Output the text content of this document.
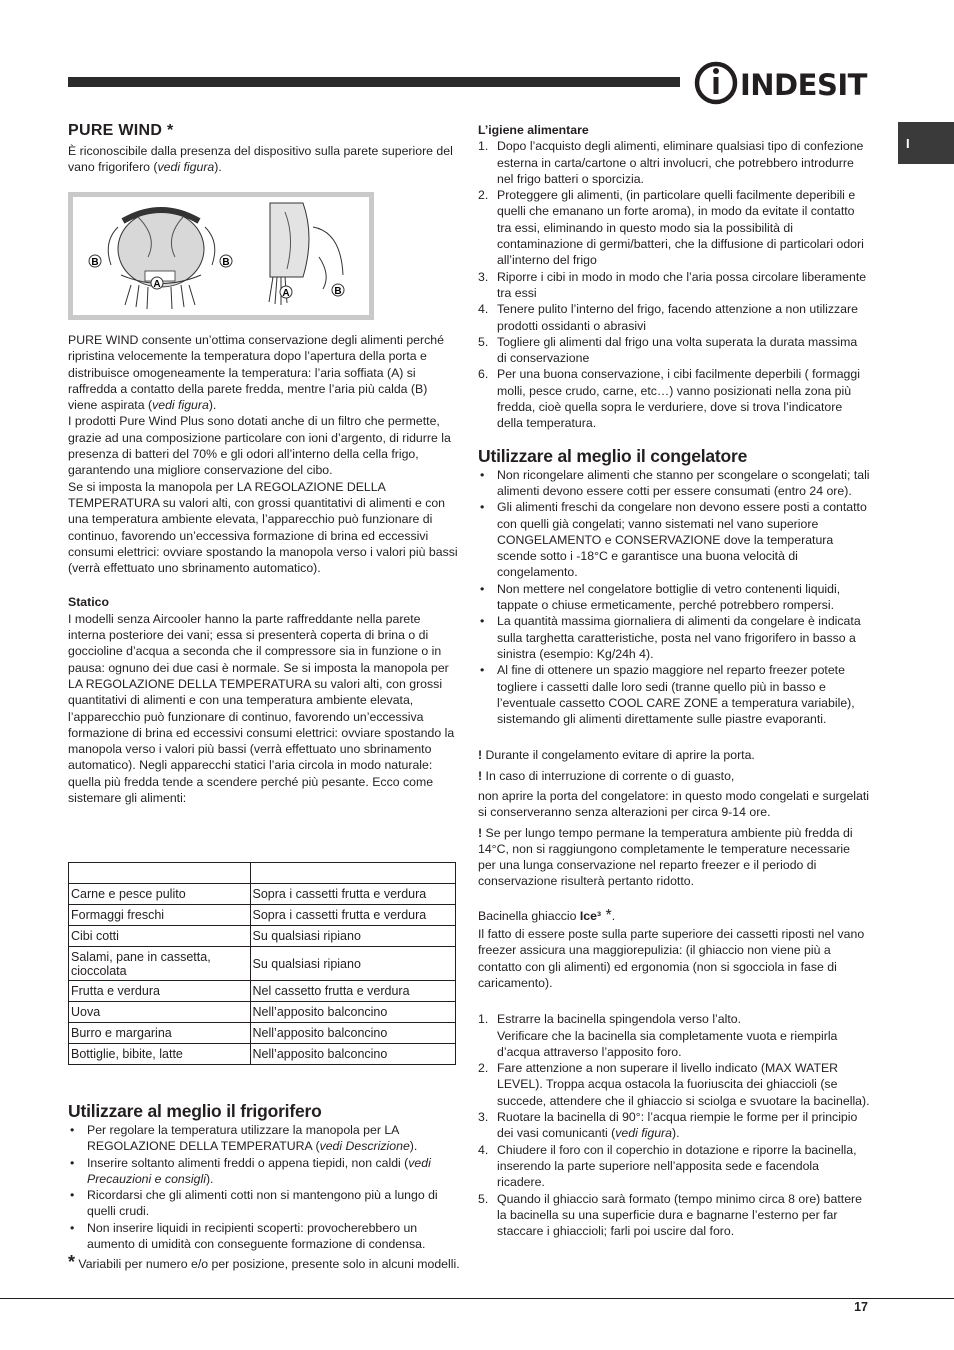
INDESIT
I
PURE WIND *

È riconoscibile dalla presenza del dispositivo sulla parete superiore del vano frigorifero (vedi figura).

B	B
A
A	B

PURE WIND consente un’ottima conservazione degli alimenti perché ripristina velocemente la temperatura dopo l’apertura della porta e distribuisce omogeneamente la temperatura: l’aria soffiata (A) si raffredda a contatto della parete fredda, mentre l’aria più calda (B) viene aspirata (vedi figura).

I prodotti Pure Wind Plus sono dotati anche di un filtro che permette, grazie ad una composizione particolare con ioni d’argento, di ridurre la presenza di batteri del 70% e gli odori all’interno della cella frigo, garantendo una migliore conservazione del cibo.

Se si imposta la manopola per LA REGOLAZIONE DELLA TEMPERATURA su valori alti, con grossi quantitativi di alimenti e con una temperatura ambiente elevata, l’apparecchio può funzionare di continuo, favorendo un’eccessiva formazione di brina ed eccessivi consumi elettrici: ovviare spostando la manopola verso i valori più bassi (verrà effettuato uno sbrinamento automatico).

Statico

I modelli senza Aircooler hanno la parte raffreddante nella parete interna posteriore dei vani; essa si presenterà coperta di brina o di goccioline d’acqua a seconda che il compressore sia in funzione o in pausa: ognuno dei due casi è normale. Se si imposta la manopola per LA REGOLAZIONE DELLA TEMPERATURA su valori alti, con grossi quantitativi di alimenti e con una temperatura ambiente elevata, l’apparecchio può funzionare di continuo, favorendo un’eccessiva formazione di brina ed eccessivi consumi elettrici: ovviare spostando la manopola verso i valori più bassi (verrà effettuato uno sbrinamento automatico). Negli apparecchi statici l’aria circola in modo naturale: quella più fredda tende a scendere perché più pesante. Ecco come sistemare gli alimenti:

Carne e pesce pulito	Sopra i cassetti frutta e verdura
Formaggi freschi	Sopra i cassetti frutta e verdura
Cibi cotti	Su qualsiasi ripiano
Salami, pane in cassetta, cioccolata	Su qualsiasi ripiano
Frutta e verdura	Nel cassetto frutta e verdura
Uova	Nell’apposito balconcino
Burro e margarina	Nell’apposito balconcino
Bottiglie, bibite, latte	Nell’apposito balconcino
Utilizzare al meglio il frigorifero
• Per regolare la temperatura utilizzare la manopola per LA REGOLAZIONE DELLA TEMPERATURA (vedi Descrizione).
• Inserire soltanto alimenti freddi o appena tiepidi, non caldi (vedi Precauzioni e consigli).
• Ricordarsi che gli alimenti cotti non si mantengono più a lungo di quelli crudi.
• Non inserire liquidi in recipienti scoperti: provocherebbero un aumento di umidità con conseguente formazione di condensa.

* Variabili per numero e/o per posizione, presente solo in alcuni modelli.

L’igiene alimentare

1. Dopo l’acquisto degli alimenti, eliminare qualsiasi tipo di confezione esterna in carta/cartone o altri involucri, che potrebbero introdurre nel frigo batteri o sporcizia.
2. Proteggere gli alimenti, (in particolare quelli facilmente deperibili e quelli che emanano un forte aroma), in modo da evitate il contatto tra essi, eliminando in questo modo sia la possibilità di contaminazione di germi/batteri, che la diffusione di particolari odori all’interno del frigo
3. Riporre i cibi in modo in modo che l’aria possa circolare liberamente tra essi
4. Tenere pulito l’interno del frigo, facendo attenzione a non utilizzare prodotti ossidanti o abrasivi
5. Togliere gli alimenti dal frigo una volta superata la durata massima di conservazione
6. Per una buona conservazione, i cibi facilmente deperbili ( formaggi molli, pesce crudo, carne, etc…) vanno posizionati nella zona più fredda, cioè quella sopra le verduriere, dove si trova l’indicatore della temperatura.
Utilizzare al meglio il congelatore
• Non ricongelare alimenti che stanno per scongelare o scongelati; tali alimenti devono essere cotti per essere consumati (entro 24 ore).
• Gli alimenti freschi da congelare non devono essere posti a contatto con quelli già congelati; vanno sistemati nel vano superiore CONGELAMENTO e CONSERVAZIONE dove la temperatura scende sotto i -18°C e garantisce una buona velocità di congelamento.
• Non mettere nel congelatore bottiglie di vetro contenenti liquidi, tappate o chiuse ermeticamente, perché potrebbero rompersi.
• La quantità massima giornaliera di alimenti da congelare è indicata sulla targhetta caratteristiche, posta nel vano frigorifero in basso a sinistra (esempio: Kg/24h 4).
• Al fine di ottenere un spazio maggiore nel reparto freezer potete togliere i cassetti dalle loro sedi (tranne quello più in basso e l’eventuale cassetto COOL CARE ZONE a temperatura variabile), sistemando gli alimenti direttamente sulle piastre evaporanti.

! Durante il congelamento evitare di aprire la porta.

! In caso di interruzione di corrente o di guasto,

non aprire la porta del congelatore: in questo modo congelati e surgelati si conserveranno senza alterazioni per circa 9-14 ore.

! Se per lungo tempo permane la temperatura ambiente più fredda di 14°C, non si raggiungono completamente le temperature necessarie per una lunga conservazione nel reparto freezer e il periodo di conservazione risulterà pertanto ridotto.

Bacinella ghiaccio Ice³ *.

Il fatto di essere poste sulla parte superiore dei cassetti riposti nel vano freezer assicura una maggiorepulizia: (il ghiaccio non viene più a contatto con gli alimenti) ed ergonomia (non si sgocciola in fase di caricamento).

1. Estrarre la bacinella spingendola verso l’alto.
Verificare che la bacinella sia completamente vuota e riempirla d’acqua attraverso l’apposito foro.
2. Fare attenzione a non superare il livello indicato (MAX WATER LEVEL). Troppa acqua ostacola la fuoriuscita dei ghiaccioli (se succede, attendere che il ghiaccio si sciolga e svuotare la bacinella).
3. Ruotare la bacinella di 90°: l’acqua riempie le forme per il principio dei vasi comunicanti (vedi figura).
4. Chiudere il foro con il coperchio in dotazione e riporre la bacinella, inserendo la parte superiore nell’apposita sede e facendola ricadere.
5. Quando il ghiaccio sarà formato (tempo minimo circa 8 ore) battere la bacinella su una superficie dura e bagnarne l’esterno per far staccare i ghiaccioli; farli poi uscire dal foro.
17
